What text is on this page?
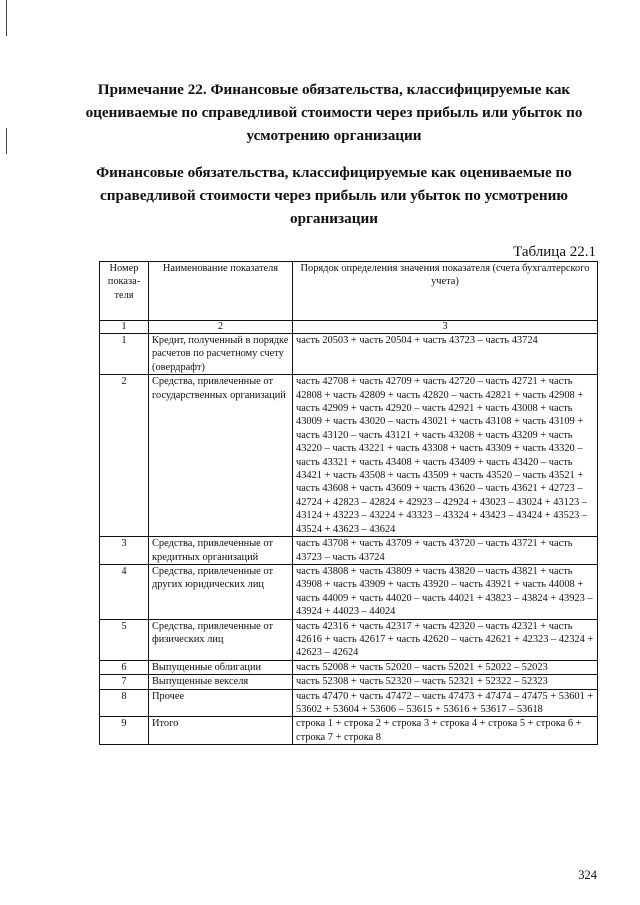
Примечание 22. Финансовые обязательства, классифицируемые как оцениваемые по справедливой стоимости через прибыль или убыток по усмотрению организации
Финансовые обязательства, классифицируемые как оцениваемые по справедливой стоимости через прибыль или убыток по усмотрению организации
Таблица 22.1
Номер показа-теля	Наименование показателя	Порядок определения значения показателя (счета бухгалтерского учета)
1	2	3
1	Кредит, полученный в порядке расчетов по расчетному счету (овердрафт)	часть 20503 + часть 20504 + часть 43723 – часть 43724
2	Средства, привлеченные от государственных организаций	часть 42708 + часть 42709 + часть 42720 – часть 42721 + часть 42808 + часть 42809 + часть 42820 – часть 42821 + часть 42908 + часть 42909 + часть 42920 – часть 42921 + часть 43008 + часть 43009 + часть 43020 – часть 43021 + часть 43108 + часть 43109 + часть 43120 – часть 43121 + часть 43208 + часть 43209 + часть 43220 – часть 43221 + часть 43308 + часть 43309 + часть 43320 – часть 43321 + часть 43408 + часть 43409 + часть 43420 – часть 43421 + часть 43508 + часть 43509 + часть 43520 – часть 43521 + часть 43608 + часть 43609 + часть 43620 – часть 43621 + 42723 – 42724 + 42823 – 42824 + 42923 – 42924 + 43023 – 43024 + 43123 – 43124 + 43223 – 43224 + 43323 – 43324 + 43423 – 43424 + 43523 – 43524 + 43623 – 43624
3	Средства, привлеченные от кредитных организаций	часть 43708 + часть 43709 + часть 43720 – часть 43721 + часть 43723 – часть 43724
4	Средства, привлеченные от других юридических лиц	часть 43808 + часть 43809 + часть 43820 – часть 43821 + часть 43908 + часть 43909 + часть 43920 – часть 43921 + часть 44008 + часть 44009 + часть 44020 – часть 44021 + 43823 – 43824 + 43923 – 43924 + 44023 – 44024
5	Средства, привлеченные от физических лиц	часть 42316 + часть 42317 + часть 42320 – часть 42321 + часть 42616 + часть 42617 + часть 42620 – часть 42621 + 42323 – 42324 + 42623 – 42624
6	Выпущенные облигации	часть 52008 + часть 52020 – часть 52021 + 52022 – 52023
7	Выпущенные векселя	часть 52308 + часть 52320 – часть 52321 + 52322 – 52323
8	Прочее	часть 47470 + часть 47472 – часть 47473 + 47474 – 47475 + 53601 + 53602 + 53604 + 53606 – 53615 + 53616 + 53617 – 53618
9	Итого	строка 1 + строка 2 + строка 3 + строка 4 + строка 5 + строка 6 + строка 7 + строка 8
324
